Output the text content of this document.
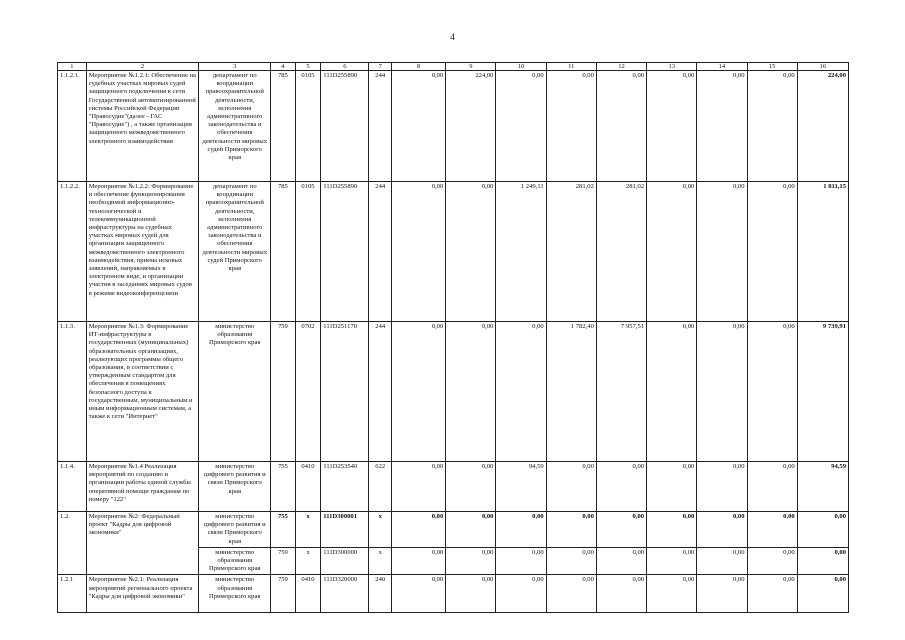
4
1	2	3	4	5	6	7	8	9	10	11	12	13	14	15	16
1.1.2.1.	Мероприятие №1.2.1: Обеспечение на судебных участках мировых судей защищенного подключения к сети Государственной автоматизированной системы Российской Федерации "Правосудие"(далее - ГАС "Правосудие") , а также организация защищенного межведомственного электронного взаимодействия	департамент по координации правоохранительной деятельности, исполнения административного законодательства и обеспечения деятельности мировых судей Приморского края	785	0105	111D255890	244	0,00	224,00	0,00	0,00	0,00	0,00	0,00	0,00	224,00
1.1.2.2.	Мероприятие №1.2.2: Формирование и обеспечение функционирования необходимой информационно-технологической и телекоммуникационной инфраструктуры на судебных участках мировых судей для организации защищенного межведомственного электронного взаимодействия, приема исковых заявлений, направляемых в электронном виде, и организации участия в заседаниях мировых судов в режиме видеоконференцсвязи	департамент по координации правоохранительной деятельности, исполнения административного законодательства и обеспечения деятельности мировых судей Приморского края	785	0105	111D255890	244	0,00	0,00	1 249,11	281,02	281,02	0,00	0,00	0,00	1 811,15
1.1.3.	Мероприятие №1.3: Формирование ИТ-инфраструктуры в государственных (муниципальных) образовательных организациях, реализующих программы общего образования, в соответствии с утвержденным стандартом для обеспечения в помещениях безопасного доступа к государственным, муниципальным и иным информационным системам, а также к сети "Интернет"	министерство образования Приморского края	759	0702	111D251170	244	0,00	0,00	0,00	1 782,40	7 957,51	0,00	0,00	0,00	9 739,91
1.1.4.	Мероприятие №1.4 Реализация мероприятий по созданию и организации работы единой службы оперативной помощи гражданам по номеру "122"	министерство цифрового развития и связи Приморского края	755	0410	111D253540	622	0,00	0,00	94,59	0,00	0,00	0,00	0,00	0,00	94,59
1.2.	Мероприятие №2: Федеральный проект "Кадры для цифровой экономики"	министерство цифрового развития и связи Приморского края	755	х	111D300001	х	0,00	0,00	0,00	0,00	0,00	0,00	0,00	0,00	0,00
		министерство образования Приморского края	759	х	111D300000	х	0,00	0,00	0,00	0,00	0,00	0,00	0,00	0,00	0,00
1.2.1	Мероприятие №2.1: Реализация мероприятий регионального проекта "Кадры для цифровой экономики"	министерство образования Приморского края	759	0410	111D320000	240	0,00	0,00	0,00	0,00	0,00	0,00	0,00	0,00	0,00
